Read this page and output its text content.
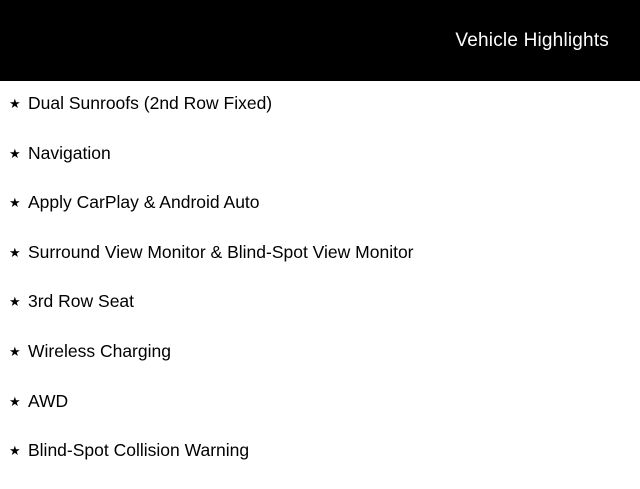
Vehicle Highlights
★ Dual Sunroofs (2nd Row Fixed)
★ Navigation
★ Apply CarPlay & Android Auto
★ Surround View Monitor & Blind-Spot View Monitor
★ 3rd Row Seat
★ Wireless Charging
★ AWD
★ Blind-Spot Collision Warning
